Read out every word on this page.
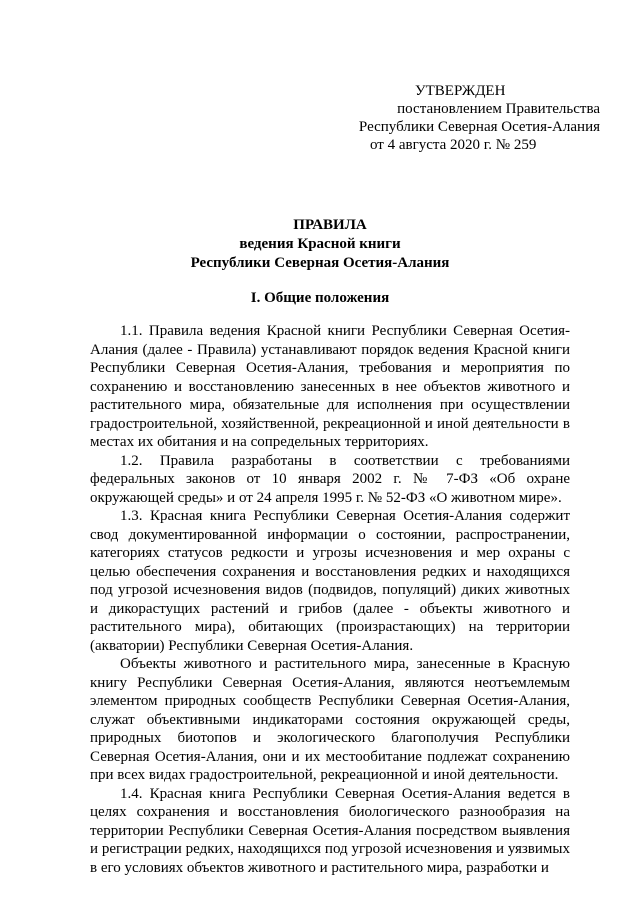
УТВЕРЖДЕН
постановлением Правительства
Республики Северная Осетия-Алания
от 4 августа 2020 г. № 259
ПРАВИЛА
ведения Красной книги
Республики Северная Осетия-Алания
I. Общие положения

1.1. Правила ведения Красной книги Республики Северная Осетия-Алания (далее - Правила) устанавливают порядок ведения Красной книги Республики Северная Осетия-Алания, требования и мероприятия по сохранению и восстановлению занесенных в нее объектов животного и растительного мира, обязательные для исполнения при осуществлении градостроительной, хозяйственной, рекреационной и иной деятельности в местах их обитания и на сопредельных территориях.

1.2. Правила разработаны в соответствии с требованиями федеральных законов от 10 января 2002 г. № 7-ФЗ «Об охране окружающей среды» и от 24 апреля 1995 г. № 52-ФЗ «О животном мире».

1.3. Красная книга Республики Северная Осетия-Алания содержит свод документированной информации о состоянии, распространении, категориях статусов редкости и угрозы исчезновения и мер охраны с целью обеспечения сохранения и восстановления редких и находящихся под угрозой исчезновения видов (подвидов, популяций) диких животных и дикорастущих растений и грибов (далее - объекты животного и растительного мира), обитающих (произрастающих) на территории (акватории) Республики Северная Осетия-Алания.

Объекты животного и растительного мира, занесенные в Красную книгу Республики Северная Осетия-Алания, являются неотъемлемым элементом природных сообществ Республики Северная Осетия-Алания, служат объективными индикаторами состояния окружающей среды, природных биотопов и экологического благополучия Республики Северная Осетия-Алания, они и их местообитание подлежат сохранению при всех видах градостроительной, рекреационной и иной деятельности.

1.4. Красная книга Республики Северная Осетия-Алания ведется в целях сохранения и восстановления биологического разнообразия на территории Республики Северная Осетия-Алания посредством выявления и регистрации редких, находящихся под угрозой исчезновения и уязвимых в его условиях объектов животного и растительного мира, разработки и
